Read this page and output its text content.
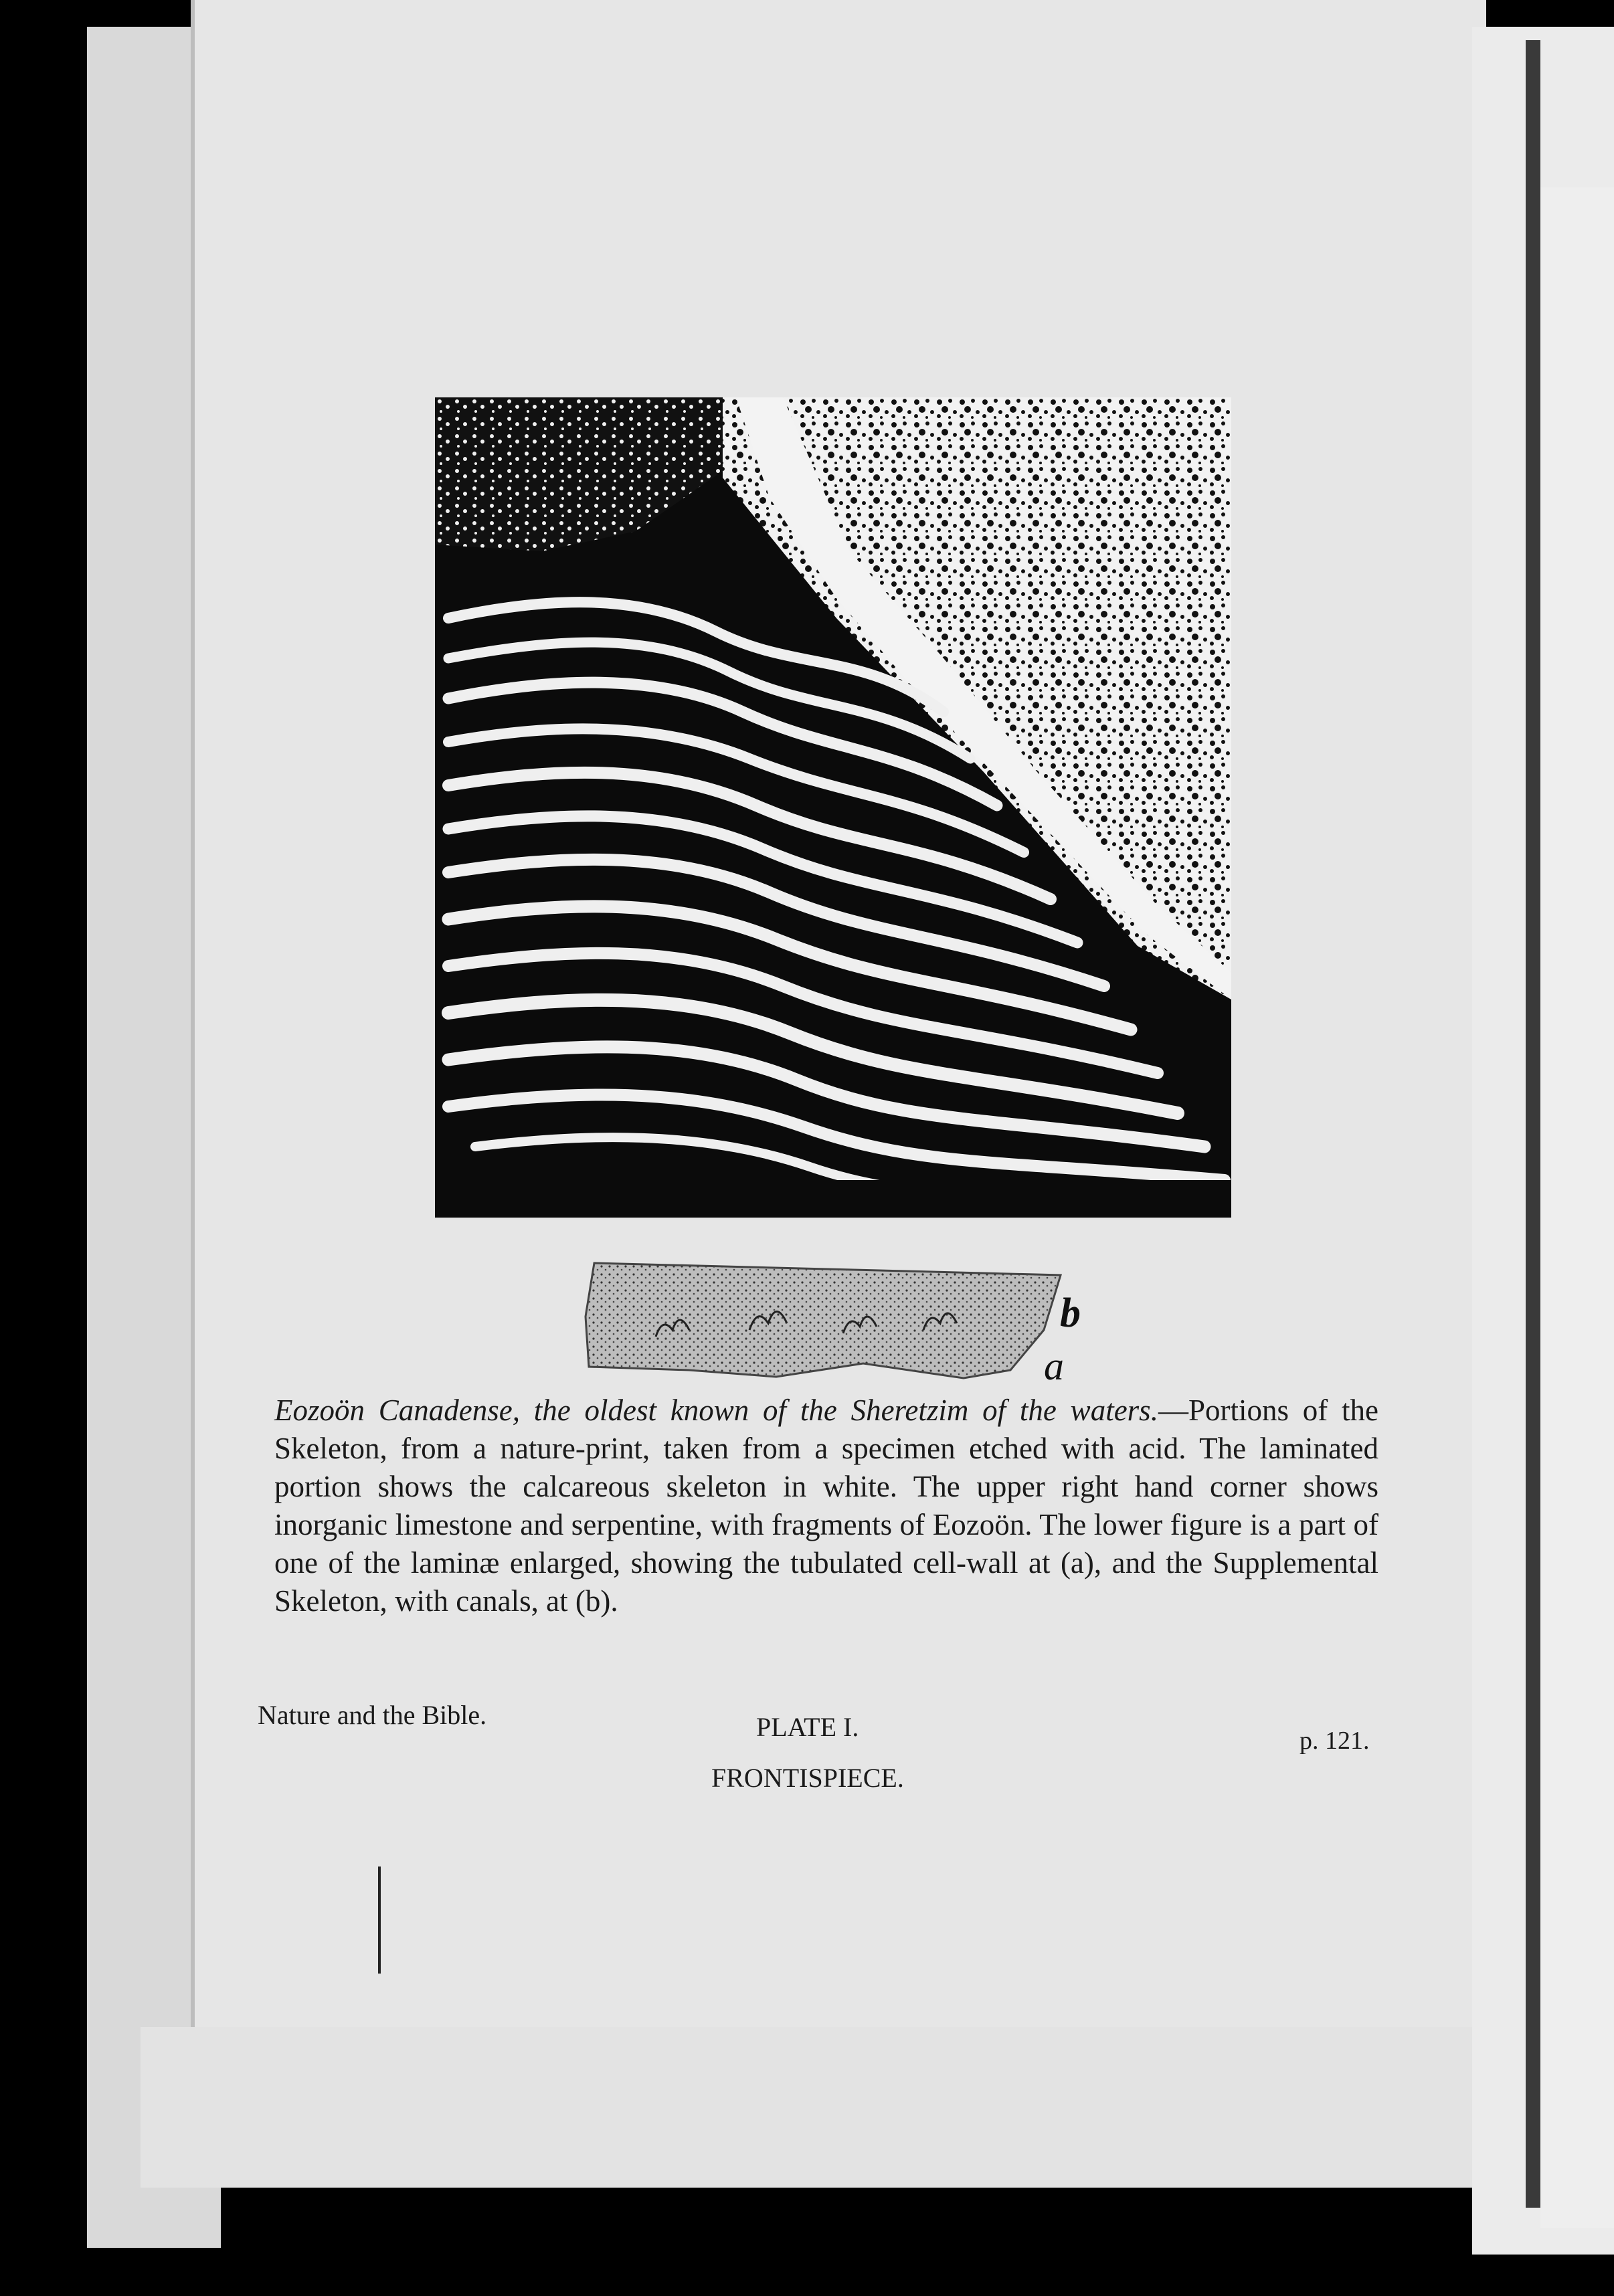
b
a
Eozoön Canadense, the oldest known of the Sheretzim of the waters.—Portions of the Skeleton, from a nature-print, taken from a specimen etched with acid. The laminated portion shows the calcareous skeleton in white. The upper right hand corner shows inorganic limestone and serpentine, with fragments of Eozoön. The lower figure is a part of one of the laminæ enlarged, showing the tubulated cell-wall at (a), and the Supplemental Skeleton, with canals, at (b).
Nature and the Bible.	PLATE I.	p. 121.
FRONTISPIECE.
